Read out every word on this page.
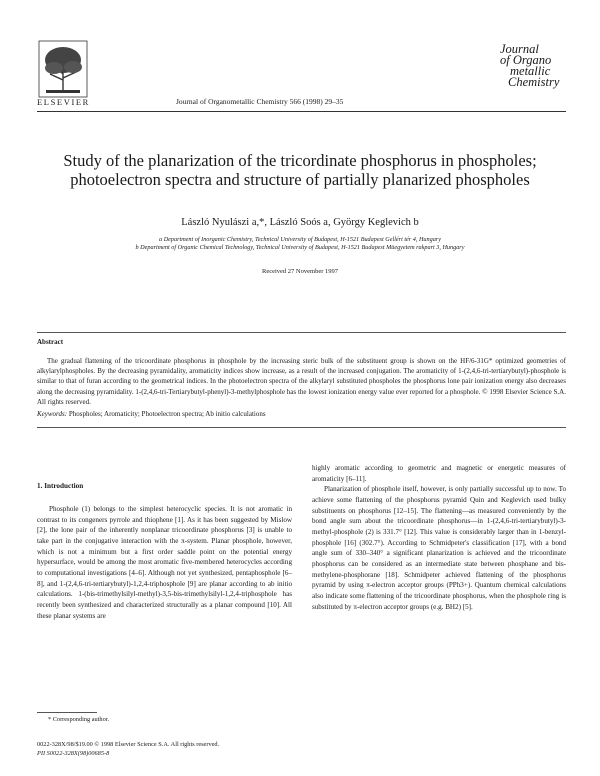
ELSEVIER	Journal of Organometallic Chemistry 566 (1998) 29–35
Journal
of Organo
metallic
Chemistry
Study of the planarization of the tricordinate phosphorus in phospholes; photoelectron spectra and structure of partially planarized phospholes
László Nyulászi a,*, László Soós a, György Keglevich b
a Department of Inorganic Chemistry, Technical University of Budapest, H-1521 Budapest Gellért tér 4, Hungary
b Department of Organic Chemical Technology, Technical University of Budapest, H-1521 Budapest Müegyetem rakpart 3, Hungary
Received 27 November 1997
Abstract
The gradual flattening of the tricoordinate phosphorus in phosphole by the increasing steric bulk of the substituent group is shown on the HF/6-31G* optimized geometries of alkylarylphospholes. By the decreasing pyramidality, aromaticity indices show increase, as a result of the increased conjugation. The aromaticity of 1-(2,4,6-tri-tertiarybutyl)-phosphole is similar to that of furan according to the geometrical indices. In the photoelectron spectra of the alkylaryl substituted phospholes the phosphorus lone pair ionization energy also decreases along the decreasing pyramidality. 1-(2,4,6-tri-Tertiarybutyl-phenyl)-3-methylphosphole has the lowest ionization energy value ever reported for a phosphole. © 1998 Elsevier Science S.A. All rights reserved.
Keywords: Phospholes; Aromaticity; Photoelectron spectra; Ab initio calculations
1. Introduction
Phosphole (1) belongs to the simplest heterocyclic species. It is not aromatic in contrast to its congeners pyrrole and thiophene [1]. As it has been suggested by Mislow [2], the lone pair of the inherently nonplanar tricoordinate phosphorus [3] is unable to take part in the conjugative interaction with the π-system. Planar phosphole, however, which is not a minimum but a first order saddle point on the potential energy hypersurface, would be among the most aromatic five-membered heterocycles according to computational investigations [4–6]. Although not yet synthesized, pentaphosphole [6–8], and 1-(2,4,6-tri-tertiarybutyl)-1,2,4-triphosphole [9] are planar according to ab initio calculations. 1-(bis-trimethylsilyl-methyl)-3,5-bis-trimethylsilyl-1,2,4-triphosphole has recently been synthesized and characterized structurally as a planar compound [10]. All these planar systems are

highly aromatic according to geometric and magnetic or energetic measures of aromaticity [6–11].

Planarization of phosphole itself, however, is only partially successful up to now. To achieve some flattening of the phosphorus pyramid Quin and Keglevich used bulky substituents on phosphorus [12–15]. The flattening—as measured conveniently by the bond angle sum about the tricoordinate phosphorus—in 1-(2,4,6-tri-tertiarybutyl)-3-methyl-phosphole (2) is 331.7° [12]. This value is considerably larger than in 1-benzyl-phosphole [16] (302.7°). According to Schmidpeter's classification [17], with a bond angle sum of 330–340° a significant planarization is achieved and the tricoordinate phosphorus can be considered as an intermediate state between phosphane and bis-methylene-phosphorane [18]. Schmidpeter achieved flattening of the phosphorus pyramid by using π-electron acceptor groups (PPh3+). Quantum chemical calculations also indicate some flattening of the tricoordinate phosphorus, when the phosphole ring is substituted by π-electron acceptor groups (e.g. BH2) [5].

* Corresponding author.
0022-328X/98/$19.00 © 1998 Elsevier Science S.A. All rights reserved.
PII S0022-328X(98)00685-8
